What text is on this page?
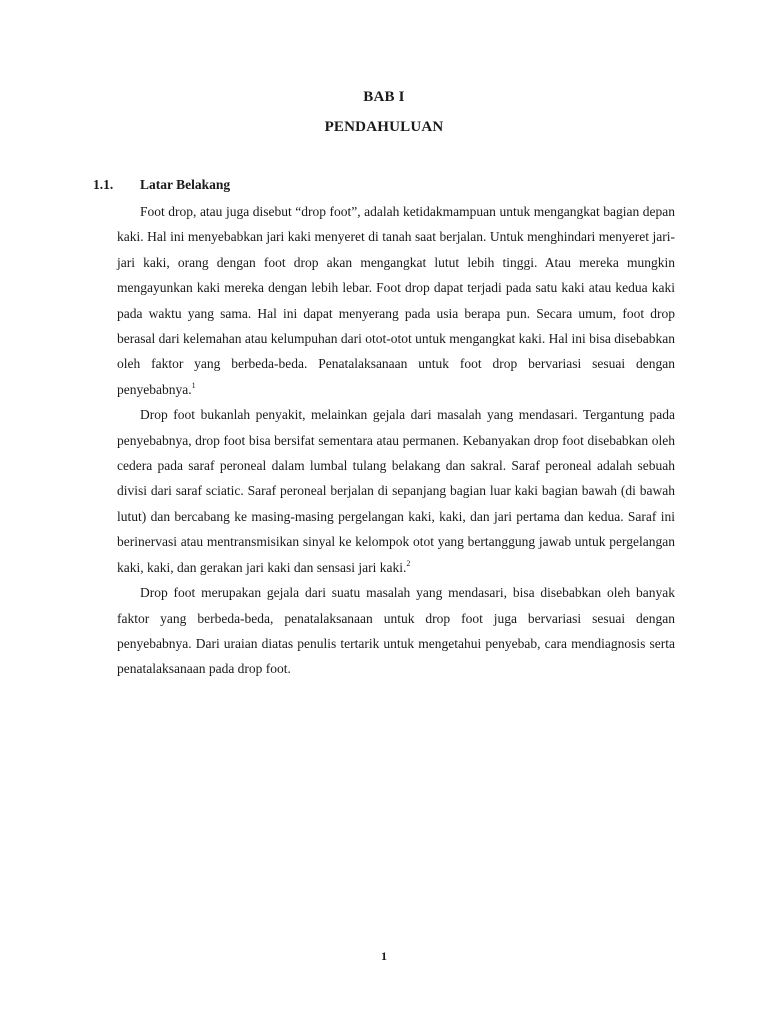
BAB I
PENDAHULUAN
1.1. Latar Belakang

Foot drop, atau juga disebut “drop foot”, adalah ketidakmampuan untuk mengangkat bagian depan kaki. Hal ini menyebabkan jari kaki menyeret di tanah saat berjalan. Untuk menghindari menyeret jari-jari kaki, orang dengan foot drop akan mengangkat lutut lebih tinggi. Atau mereka mungkin mengayunkan kaki mereka dengan lebih lebar. Foot drop dapat terjadi pada satu kaki atau kedua kaki pada waktu yang sama. Hal ini dapat menyerang pada usia berapa pun. Secara umum, foot drop berasal dari kelemahan atau kelumpuhan dari otot-otot untuk mengangkat kaki. Hal ini bisa disebabkan oleh faktor yang berbeda-beda. Penatalaksanaan untuk foot drop bervariasi sesuai dengan penyebabnya.$^1$

Drop foot bukanlah penyakit, melainkan gejala dari masalah yang mendasari. Tergantung pada penyebabnya, drop foot bisa bersifat sementara atau permanen. Kebanyakan drop foot disebabkan oleh cedera pada saraf peroneal dalam lumbal tulang belakang dan sakral. Saraf peroneal adalah sebuah divisi dari saraf sciatic. Saraf peroneal berjalan di sepanjang bagian luar kaki bagian bawah (di bawah lutut) dan bercabang ke masing-masing pergelangan kaki, kaki, dan jari pertama dan kedua. Saraf ini berinervasi atau mentransmisikan sinyal ke kelompok otot yang bertanggung jawab untuk pergelangan kaki, kaki, dan gerakan jari kaki dan sensasi jari kaki.$^2$

Drop foot merupakan gejala dari suatu masalah yang mendasari, bisa disebabkan oleh banyak faktor yang berbeda-beda, penatalaksanaan untuk drop foot juga bervariasi sesuai dengan penyebabnya. Dari uraian diatas penulis tertarik untuk mengetahui penyebab, cara mendiagnosis serta penatalaksanaan pada drop foot.

1
